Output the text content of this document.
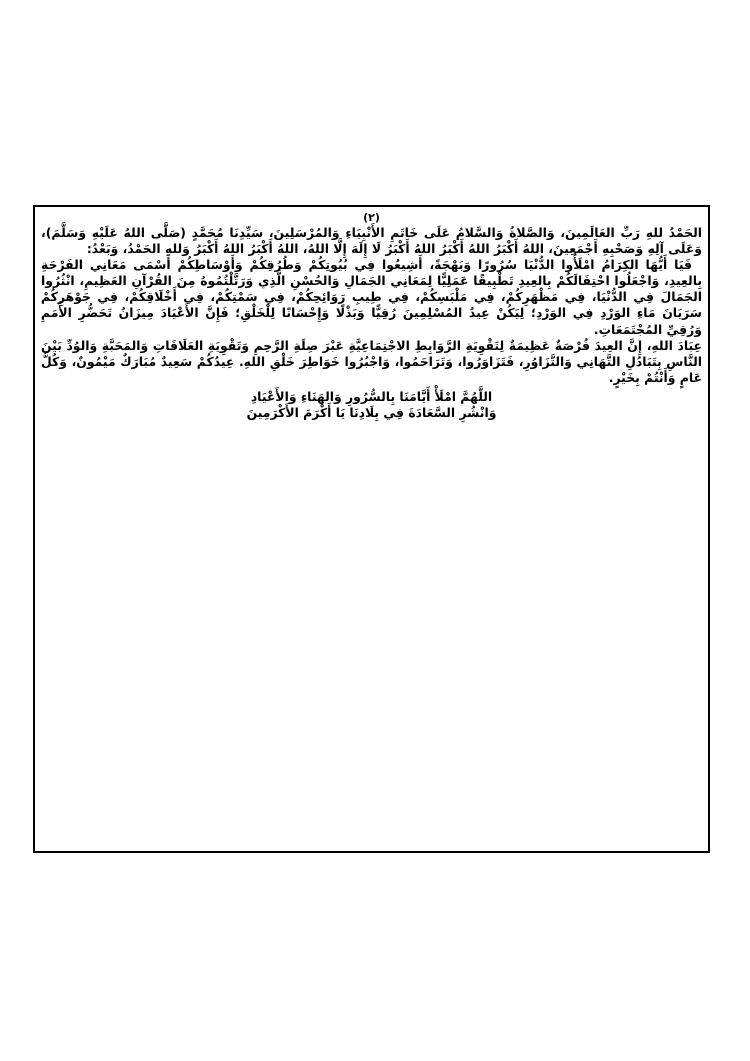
(٢)

الحَمْدُ للهِ رَبِّ العَالَمِينَ، وَالصَّلاةُ وَالسَّلامُ عَلَى خَاتَمِ الأَنْبِيَاءِ وَالمُرْسَلِينَ، سَيِّدِنَا مُحَمَّدٍ (صَلَّى اللهُ عَلَيْهِ وَسَلَّمَ)، وَعَلَى آلِهِ وَصَحْبِهِ أَجْمَعِينَ، اللهُ أَكْبَرُ اللهُ أَكْبَرُ اللهُ أَكْبَرُ لَا إِلَهَ إِلَّا اللهُ، اللهُ أَكْبَرُ اللهُ أَكْبَرُ وَللهِ الحَمْدُ، وَبَعْدُ:

فَيَا أَيُّهَا الكِرَامُ امْلَأُوا الدُّنْيَا سُرُورًا وَبَهْجَةً، أَشِيعُوا فِي بُيُوتِكُمْ وَطُرُقِكُمْ وَأَوْسَاطِكُمْ أَسْمَى مَعَانِي الفَرْحَةِ بِالعِيدِ، وَاجْعَلُوا احْتِفَالَكُمْ بِالعِيدِ تَطْبِيقًا عَمَلِيًّا لِمَعَانِي الجَمَالِ وَالحُسْنِ الَّذِي وَرَتَّلْتُمُوهُ مِنَ القُرْآنِ العَظِيمِ، انْثُرُوا الجَمَالَ فِي الدُّنْيَا، فِي مَظْهَرِكُمْ، فِي مَلْبَسِكُمْ، فِي طِيبِ رَوَائِحِكُمْ، فِي سَمْتِكُمْ، فِي أَخْلَاقِكُمْ، فِي جَوْهَرِكُمْ سَرَيَانَ مَاءِ الوَرْدِ فِي الوَرْدِ؛ لِيَكُنْ عِيدُ المُسْلِمِينَ رُقِيًّا وَبَذْلًا وَإِحْسَانًا لِلْخَلْقِ؛ فَإِنَّ الأَعْيَادَ مِيزَانُ تَحَضُّرِ الأُمَمِ وَرُقِيِّ المُجْتَمَعَاتِ.

عِبَادَ اللهِ، إِنَّ العِيدَ فُرْصَةٌ عَظِيمَةٌ لِتَقْوِيَةِ الرَّوَابِطِ الاجْتِمَاعِيَّةِ عَبْرَ صِلَةِ الرَّحِمِ وَتَقْوِيَةِ العَلَاقَاتِ وَالمَحَبَّةِ وَالوُدِّ بَيْنَ النَّاسِ بِتَبَادُلِ التَّهَانِي وَالتَّزَاوُرِ، فَتَزَاوَرُوا، وَتَرَاحَمُوا، وَاجْبُرُوا خَوَاطِرَ خَلْقِ اللهِ. عِيدُكُمْ سَعِيدٌ مُبَارَكٌ مَيْمُونٌ، وَكُلُّ عَامٍ وَأَنْتُمْ بِخَيْرٍ.

اللَّهُمَّ امْلَأْ أَيَّامَنَا بِالسُّرُورِ وَالهَنَاءِ وَالأَعْيَادِ

وَانْشُرِ السَّعَادَةَ فِي بِلَادِنَا يَا أَكْرَمَ الأَكْرَمِينَ
